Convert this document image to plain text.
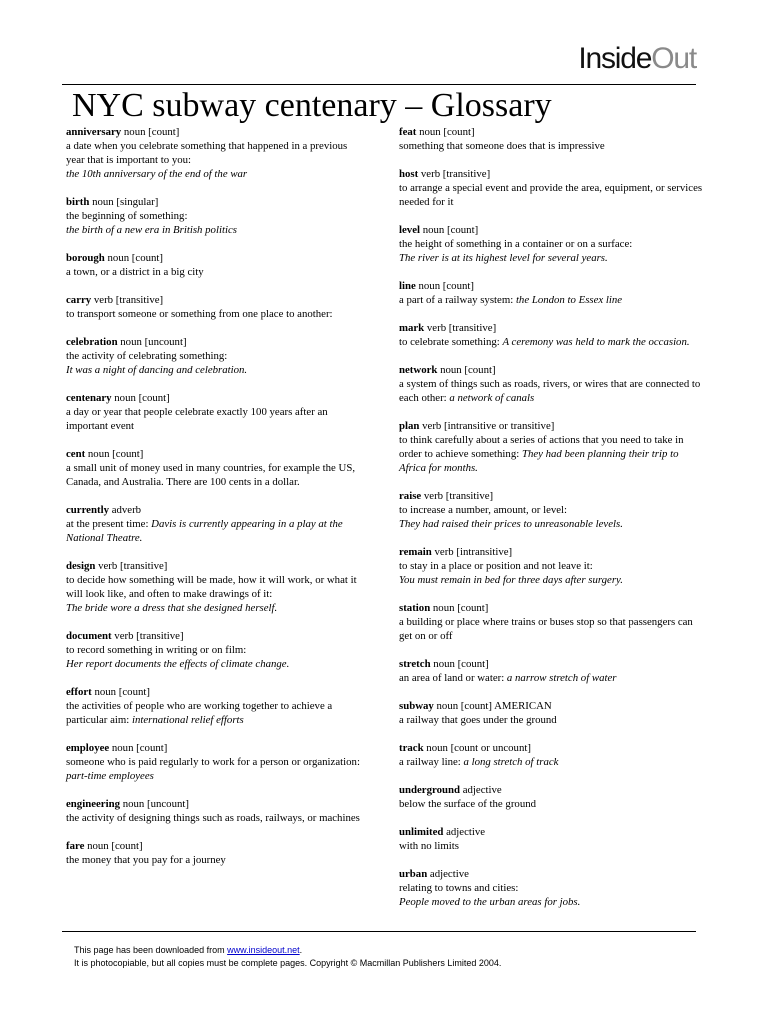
InsideOut
NYC subway centenary – Glossary
anniversary noun [count]
a date when you celebrate something that happened in a previous year that is important to you:
the 10th anniversary of the end of the war
birth noun [singular]
the beginning of something:
the birth of a new era in British politics
borough noun [count]
a town, or a district in a big city
carry verb [transitive]
to transport someone or something from one place to another:
celebration noun [uncount]
the activity of celebrating something:
It was a night of dancing and celebration.
centenary noun [count]
a day or year that people celebrate exactly 100 years after an important event
cent noun [count]
a small unit of money used in many countries, for example the US, Canada, and Australia. There are 100 cents in a dollar.
currently adverb
at the present time: Davis is currently appearing in a play at the National Theatre.
design verb [transitive]
to decide how something will be made, how it will work, or what it will look like, and often to make drawings of it:
The bride wore a dress that she designed herself.
document verb [transitive]
to record something in writing or on film:
Her report documents the effects of climate change.
effort noun [count]
the activities of people who are working together to achieve a particular aim: international relief efforts
employee noun [count]
someone who is paid regularly to work for a person or organization: part-time employees
engineering noun [uncount]
the activity of designing things such as roads, railways, or machines
fare noun [count]
the money that you pay for a journey
feat noun [count]
something that someone does that is impressive
host verb [transitive]
to arrange a special event and provide the area, equipment, or services needed for it
level noun [count]
the height of something in a container or on a surface:
The river is at its highest level for several years.
line noun [count]
a part of a railway system: the London to Essex line
mark verb [transitive]
to celebrate something: A ceremony was held to mark the occasion.
network noun [count]
a system of things such as roads, rivers, or wires that are connected to each other: a network of canals
plan verb [intransitive or transitive]
to think carefully about a series of actions that you need to take in order to achieve something: They had been planning their trip to Africa for months.
raise verb [transitive]
to increase a number, amount, or level:
They had raised their prices to unreasonable levels.
remain verb [intransitive]
to stay in a place or position and not leave it:
You must remain in bed for three days after surgery.
station noun [count]
a building or place where trains or buses stop so that passengers can get on or off
stretch noun [count]
an area of land or water: a narrow stretch of water
subway noun [count] AMERICAN
a railway that goes under the ground
track noun [count or uncount]
a railway line: a long stretch of track
underground adjective
below the surface of the ground
unlimited adjective
with no limits
urban adjective
relating to towns and cities:
People moved to the urban areas for jobs.
This page has been downloaded from www.insideout.net.
It is photocopiable, but all copies must be complete pages. Copyright © Macmillan Publishers Limited 2004.
